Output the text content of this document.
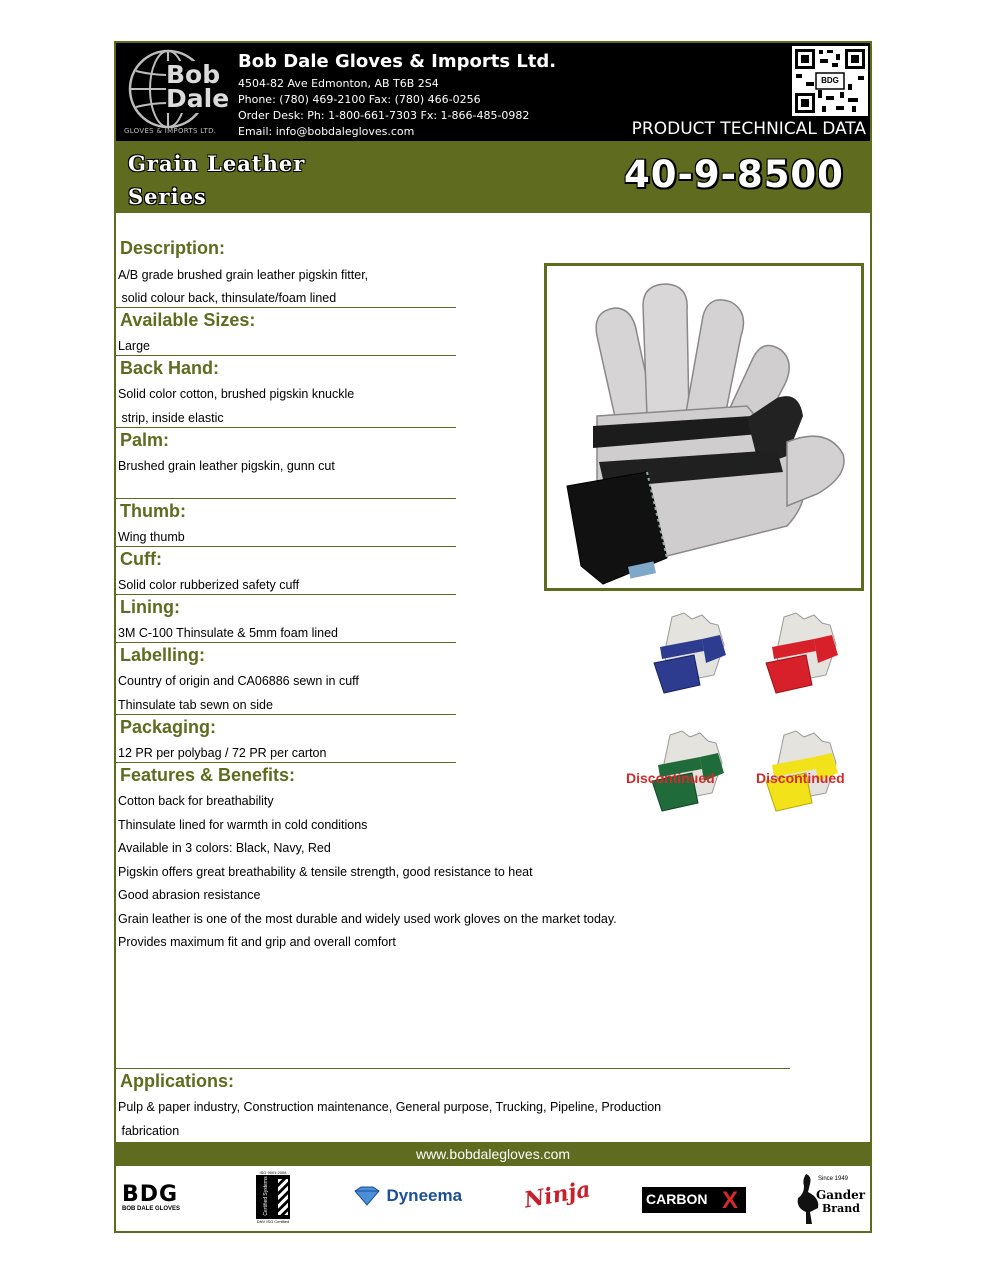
Bob Dale
GLOVES & IMPORTS LTD.
Bob Dale Gloves & Imports Ltd.
4504-82 Ave Edmonton, AB T6B 2S4
Phone: (780) 469-2100 Fax: (780) 466-0256
Order Desk: Ph: 1-800-661-7303 Fx: 1-866-485-0982
Email: info@bobdalegloves.com
BDG
PRODUCT TECHNICAL DATA
Grain Leather
Series
40-9-8500
Description:
A/B grade brushed grain leather pigskin fitter,
solid colour back, thinsulate/foam lined
Available Sizes:
Large
Back Hand:
Solid color cotton, brushed pigskin knuckle
strip, inside elastic
Palm:
Brushed grain leather pigskin, gunn cut
Thumb:
Wing thumb
Cuff:
Solid color rubberized safety cuff
Lining:
3M C-100 Thinsulate & 5mm foam lined
Labelling:
Country of origin and CA06886 sewn in cuff
Thinsulate tab sewn on side
Packaging:
12 PR per polybag / 72 PR per carton
Features & Benefits:
Cotton back for breathability
Thinsulate lined for warmth in cold conditions
Available in 3 colors: Black, Navy, Red
Pigskin offers great breathability & tensile strength, good resistance to heat
Good abrasion resistance
Grain leather is one of the most durable and widely used work gloves on the market today.
Provides maximum fit and grip and overall comfort
Applications:
Pulp & paper industry, Construction maintenance, General purpose, Trucking, Pipeline, Production
fabrication
Thinsulate
Discontinued	Discontinued
www.bobdalegloves.com
BDG
BOB DALE GLOVES
ISO 9001:2008
Certified Systems
DNV ISO Certified
Dyneema	Ninja	CARBON X
Since 1949
Gander
Brand
